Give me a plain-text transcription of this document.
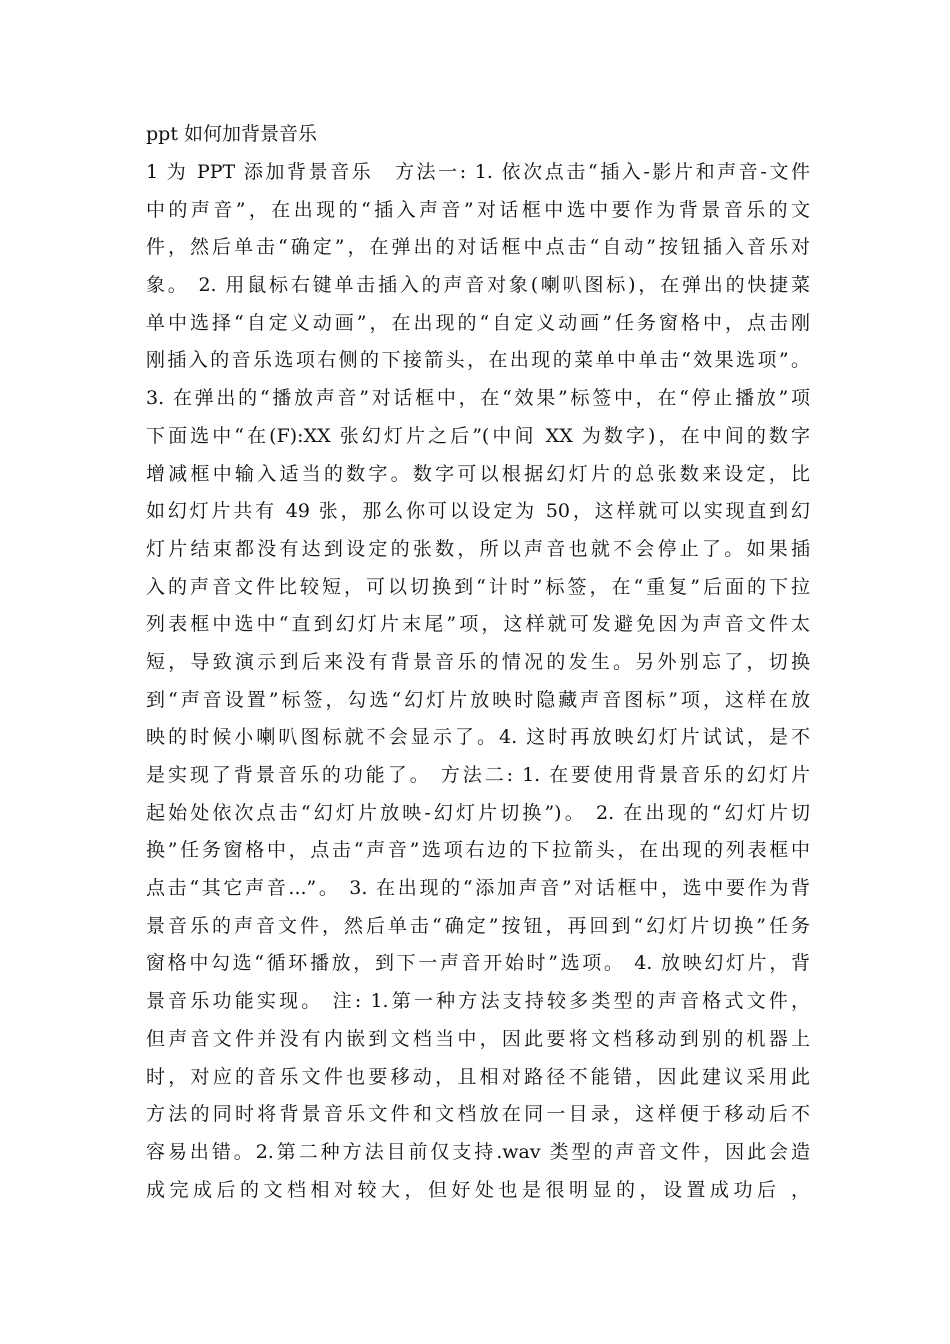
ppt 如何加背景音乐
1 为 PPT 添加背景音乐　方法一: 1. 依次点击“插入-影片和声音-文件
中的声音”，在出现的“插入声音”对话框中选中要作为背景音乐的文
件，然后单击“确定”，在弹出的对话框中点击“自动”按钮插入音乐对
象。 2. 用鼠标右键单击插入的声音对象(喇叭图标)，在弹出的快捷菜
单中选择“自定义动画”，在出现的“自定义动画”任务窗格中，点击刚
刚插入的音乐选项右侧的下接箭头，在出现的菜单中单击“效果选项”。
3. 在弹出的“播放声音”对话框中，在“效果”标签中，在“停止播放”项
下面选中“在(F):XX 张幻灯片之后”(中间 XX 为数字)，在中间的数字
增减框中输入适当的数字。数字可以根据幻灯片的总张数来设定，比
如幻灯片共有 49 张，那么你可以设定为 50，这样就可以实现直到幻
灯片结束都没有达到设定的张数，所以声音也就不会停止了。如果插
入的声音文件比较短，可以切换到“计时”标签，在“重复”后面的下拉
列表框中选中“直到幻灯片末尾”项，这样就可发避免因为声音文件太
短，导致演示到后来没有背景音乐的情况的发生。另外别忘了，切换
到“声音设置”标签，勾选“幻灯片放映时隐藏声音图标”项，这样在放
映的时候小喇叭图标就不会显示了。4. 这时再放映幻灯片试试，是不
是实现了背景音乐的功能了。 方法二: 1. 在要使用背景音乐的幻灯片
起始处依次点击“幻灯片放映-幻灯片切换”)。 2. 在出现的“幻灯片切
换”任务窗格中，点击“声音”选项右边的下拉箭头，在出现的列表框中
点击“其它声音...”。 3. 在出现的“添加声音”对话框中，选中要作为背
景音乐的声音文件，然后单击“确定”按钮，再回到“幻灯片切换”任务
窗格中勾选“循环播放，到下一声音开始时”选项。 4. 放映幻灯片，背
景音乐功能实现。 注: 1.第一种方法支持较多类型的声音格式文件，
但声音文件并没有内嵌到文档当中，因此要将文档移动到别的机器上
时，对应的音乐文件也要移动，且相对路径不能错，因此建议采用此
方法的同时将背景音乐文件和文档放在同一目录，这样便于移动后不
容易出错。2.第二种方法目前仅支持.wav 类型的声音文件，因此会造
成完成后的文档相对较大，但好处也是很明显的，设置成功后 ，
